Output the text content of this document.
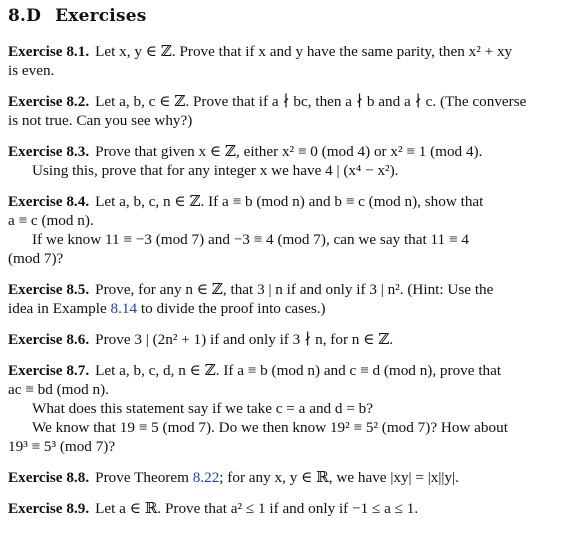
8.D Exercises
Exercise 8.1. Let x, y ∈ ℤ. Prove that if x and y have the same parity, then x² + xy
is even.
Exercise 8.2. Let a, b, c ∈ ℤ. Prove that if a ∤ bc, then a ∤ b and a ∤ c. (The converse
is not true. Can you see why?)
Exercise 8.3. Prove that given x ∈ ℤ, either x² ≡ 0 (mod 4) or x² ≡ 1 (mod 4).
Using this, prove that for any integer x we have 4 | (x⁴ − x²).
Exercise 8.4. Let a, b, c, n ∈ ℤ. If a ≡ b (mod n) and b ≡ c (mod n), show that
a ≡ c (mod n).
If we know 11 ≡ −3 (mod 7) and −3 ≡ 4 (mod 7), can we say that 11 ≡ 4
(mod 7)?
Exercise 8.5. Prove, for any n ∈ ℤ, that 3 | n if and only if 3 | n². (Hint: Use the
idea in Example 8.14 to divide the proof into cases.)
Exercise 8.6. Prove 3 | (2n² + 1) if and only if 3 ∤ n, for n ∈ ℤ.
Exercise 8.7. Let a, b, c, d, n ∈ ℤ. If a ≡ b (mod n) and c ≡ d (mod n), prove that
ac ≡ bd (mod n).
What does this statement say if we take c = a and d = b?
We know that 19 ≡ 5 (mod 7). Do we then know 19² ≡ 5² (mod 7)? How about
19³ ≡ 5³ (mod 7)?
Exercise 8.8. Prove Theorem 8.22; for any x, y ∈ ℝ, we have |xy| = |x||y|.
Exercise 8.9. Let a ∈ ℝ. Prove that a² ≤ 1 if and only if −1 ≤ a ≤ 1.
